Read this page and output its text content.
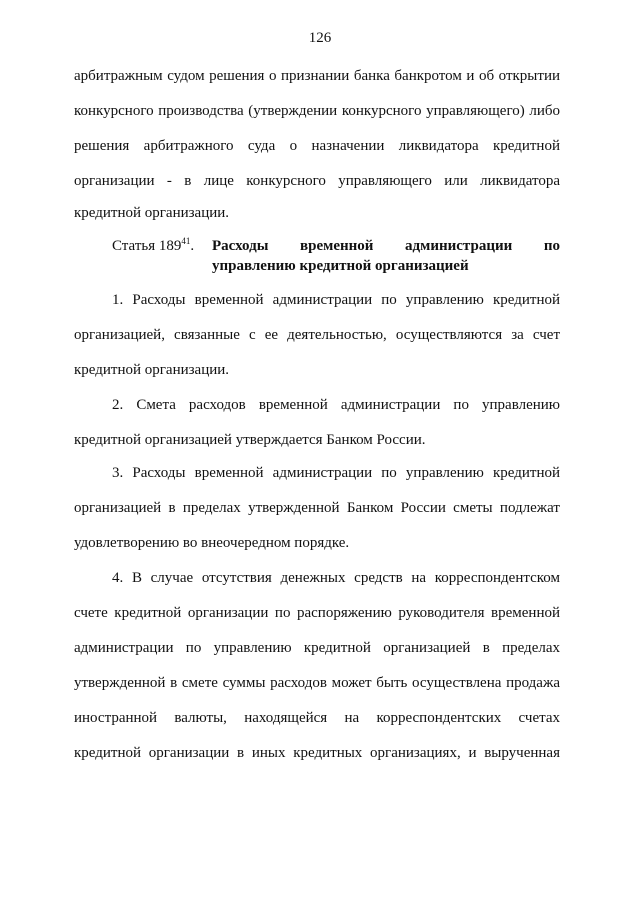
126
арбитражным судом решения о признании банка банкротом и об открытии
конкурсного производства (утверждении конкурсного управляющего) либо
решения арбитражного суда о назначении ликвидатора кредитной
организации - в лице конкурсного управляющего или ликвидатора
кредитной организации.
Статья $189^{41}$. Расходы временной администрации по
управлению кредитной организацией
1. Расходы временной администрации по управлению кредитной
организацией, связанные с ее деятельностью, осуществляются за счет
кредитной организации.
2. Смета расходов временной администрации по управлению
кредитной организацией утверждается Банком России.
3. Расходы временной администрации по управлению кредитной
организацией в пределах утвержденной Банком России сметы подлежат
удовлетворению во внеочередном порядке.
4. В случае отсутствия денежных средств на корреспондентском
счете кредитной организации по распоряжению руководителя временной
администрации по управлению кредитной организацией в пределах
утвержденной в смете суммы расходов может быть осуществлена продажа
иностранной валюты, находящейся на корреспондентских счетах
кредитной организации в иных кредитных организациях, и вырученная
